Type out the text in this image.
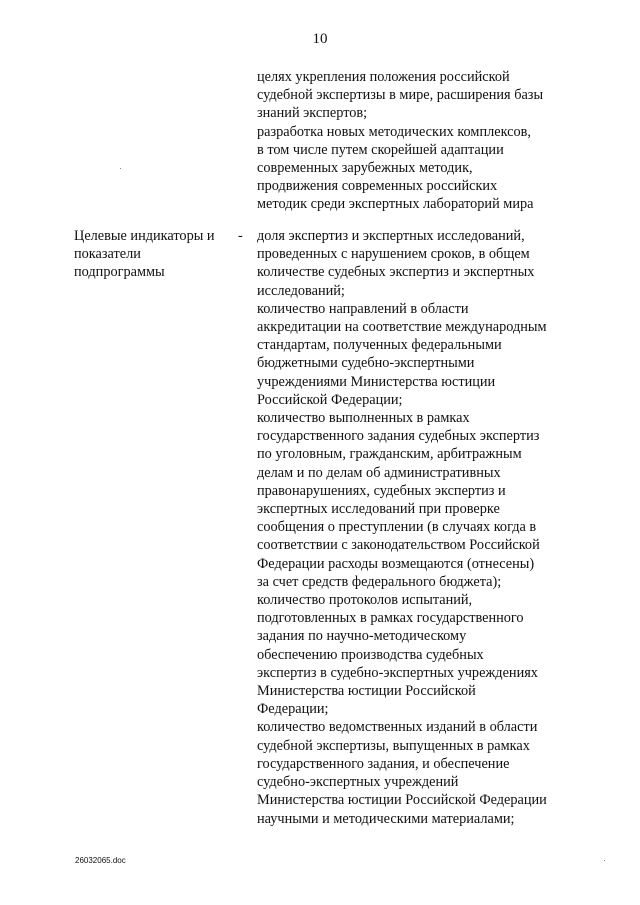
10
целях укрепления положения российской
судебной экспертизы в мире, расширения базы
знаний экспертов;
разработка новых методических комплексов,
в том числе путем скорейшей адаптации
современных зарубежных методик,
продвижения современных российских
методик среди экспертных лабораторий мира
Целевые индикаторы и
показатели
подпрограммы
- доля экспертиз и экспертных исследований,
проведенных с нарушением сроков, в общем
количестве судебных экспертиз и экспертных
исследований;
количество направлений в области
аккредитации на соответствие международным
стандартам, полученных федеральными
бюджетными судебно-экспертными
учреждениями Министерства юстиции
Российской Федерации;
количество выполненных в рамках
государственного задания судебных экспертиз
по уголовным, гражданским, арбитражным
делам и по делам об административных
правонарушениях, судебных экспертиз и
экспертных исследований при проверке
сообщения о преступлении (в случаях когда в
соответствии с законодательством Российской
Федерации расходы возмещаются (отнесены)
за счет средств федерального бюджета);
количество протоколов испытаний,
подготовленных в рамках государственного
задания по научно-методическому
обеспечению производства судебных
экспертиз в судебно-экспертных учреждениях
Министерства юстиции Российской
Федерации;
количество ведомственных изданий в области
судебной экспертизы, выпущенных в рамках
государственного задания, и обеспечение
судебно-экспертных учреждений
Министерства юстиции Российской Федерации
научными и методическими материалами;
26032065.doc
